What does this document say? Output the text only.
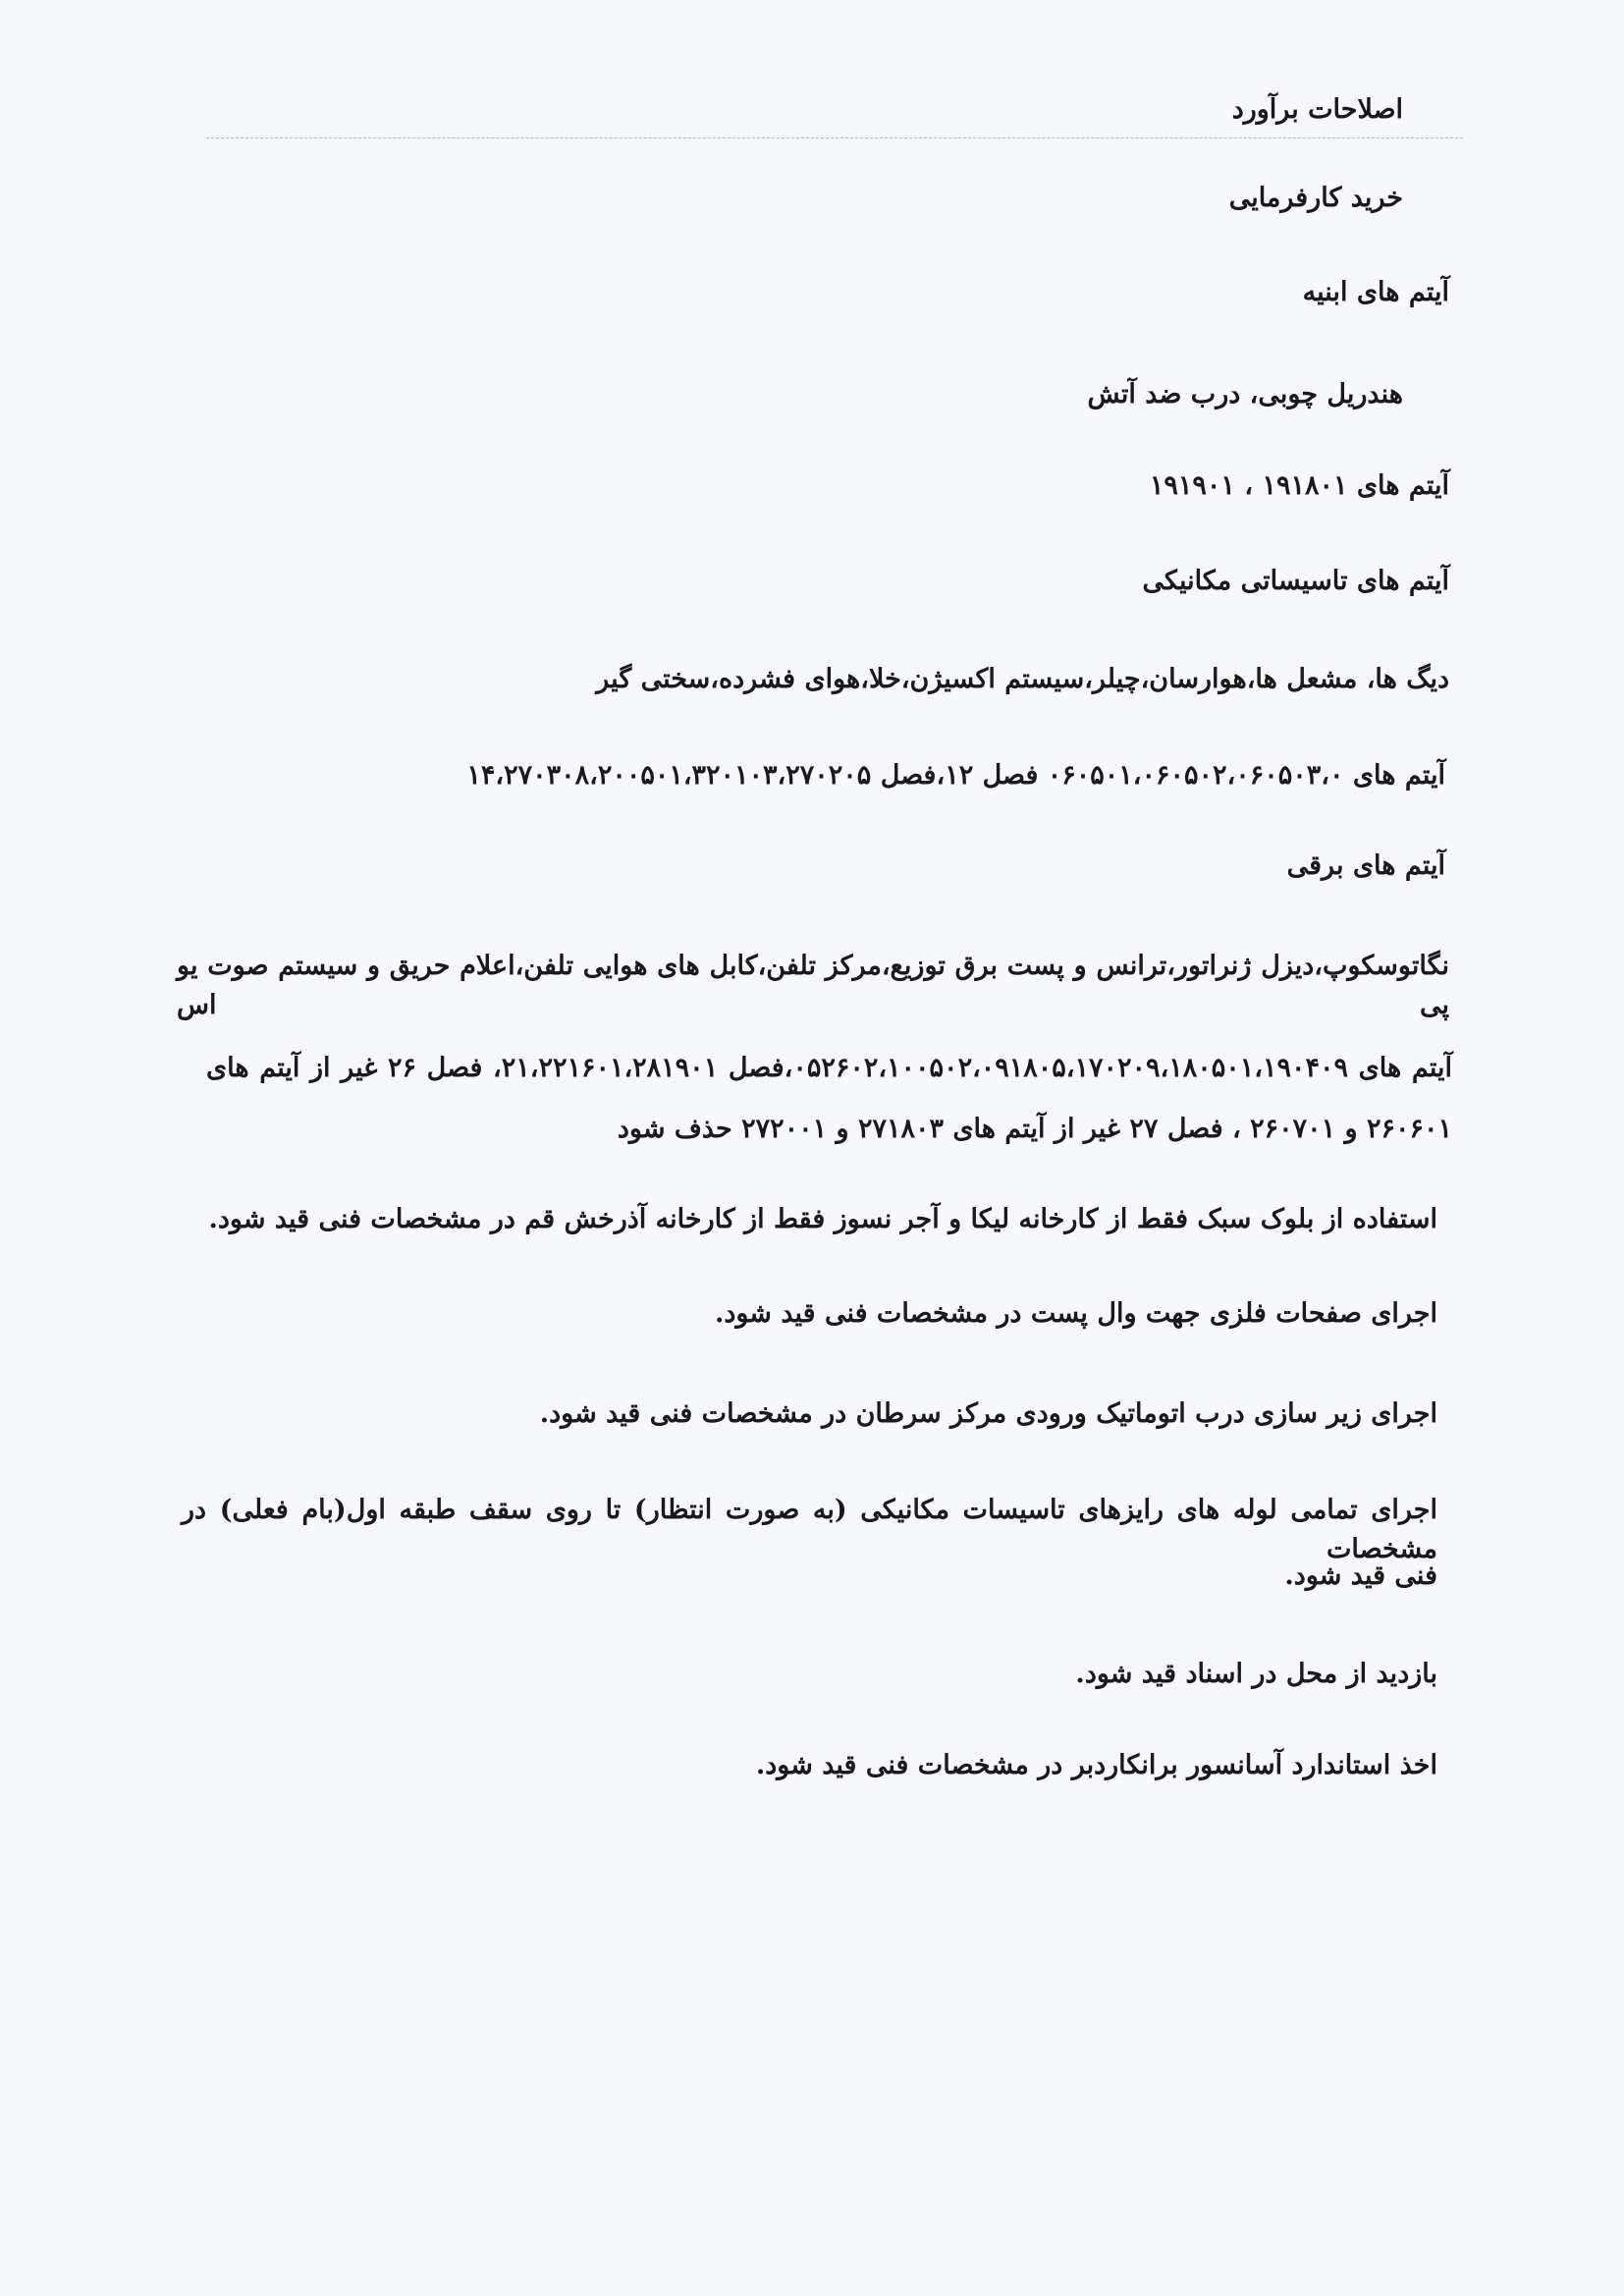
اصلاحات برآورد
خرید کارفرمایی
آیتم های ابنیه
هندریل چوبی، درب ضد آتش
آیتم های ۱۹۱۸۰۱ ، ۱۹۱۹۰۱
آیتم های تاسیساتی مکانیکی
دیگ ها، مشعل ها،هوارسان،چیلر،سیستم اکسیژن،خلا،هوای فشرده،سختی گیر
آیتم های ۰۶۰۵۰۱،۰۶۰۵۰۲،۰۶۰۵۰۳،۰ فصل ۱۲،فصل ۱۴،۲۷۰۳۰۸،۲۰۰۵۰۱،۳۲۰۱۰۳،۲۷۰۲۰۵
آیتم های برقی
نگاتوسکوپ،دیزل ژنراتور،ترانس و پست برق توزیع،مرکز تلفن،کابل های هوایی تلفن،اعلام حریق و سیستم صوت یو پی اس
آیتم های ۰۵۲۶۰۲،۱۰۰۵۰۲،۰۹۱۸۰۵،۱۷۰۲۰۹،۱۸۰۵۰۱،۱۹۰۴۰۹،فصل ۲۱،۲۲۱۶۰۱،۲۸۱۹۰۱، فصل ۲۶ غیر از آیتم های
۲۶۰۶۰۱ و ۲۶۰۷۰۱ ، فصل ۲۷ غیر از آیتم های ۲۷۱۸۰۳ و ۲۷۲۰۰۱ حذف شود
استفاده از بلوک سبک فقط از کارخانه لیکا و آجر نسوز فقط از کارخانه آذرخش قم در مشخصات فنی قید شود.
اجرای صفحات فلزی جهت وال پست در مشخصات فنی قید شود.
اجرای زیر سازی درب اتوماتیک ورودی مرکز سرطان در مشخصات فنی قید شود.
اجرای تمامی لوله های رایزهای تاسیسات مکانیکی (به صورت انتظار) تا روی سقف طبقه اول(بام فعلی) در مشخصات
فنی قید شود.
بازدید از محل در اسناد قید شود.
اخذ استاندارد آسانسور برانکاردبر در مشخصات فنی قید شود.
